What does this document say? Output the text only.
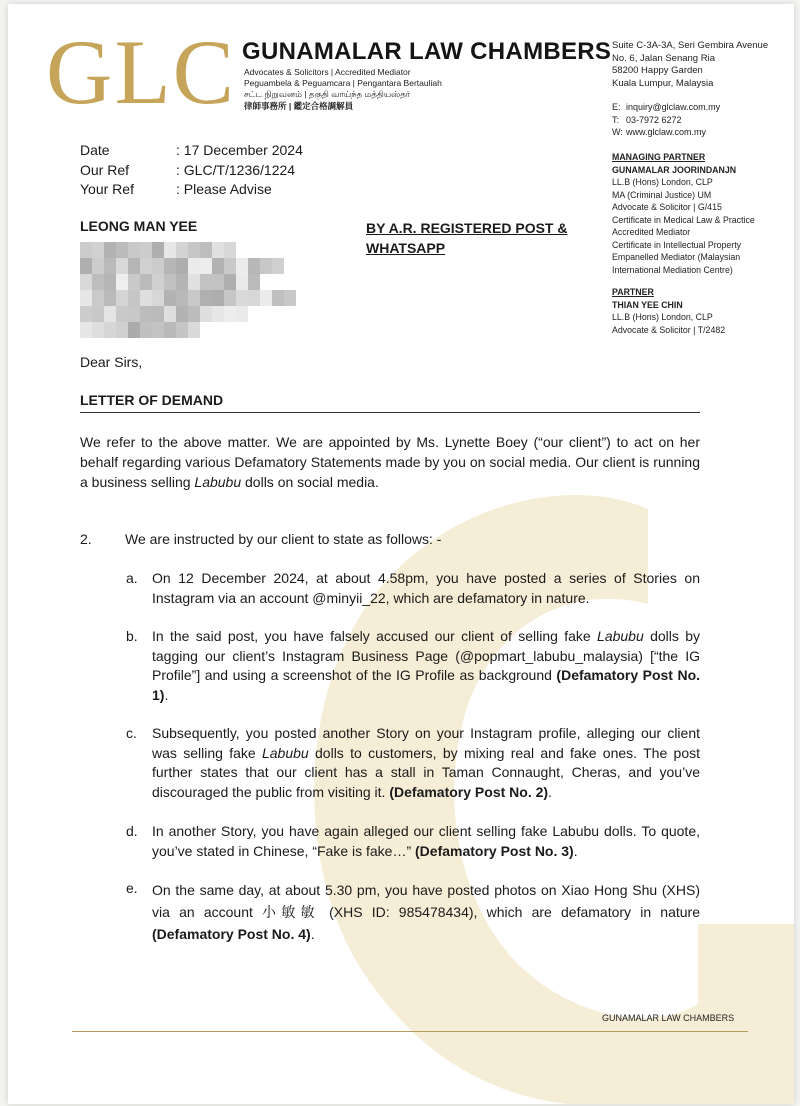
GLC GUNAMALAR LAW CHAMBERS
Advocates & Solicitors | Accredited Mediator
Peguambela & Peguamcara | Pengantara Bertauliah
சட்ட நிறுவனம் | தகுதி வாய்ந்த மத்தியஸ்தர்
律師事務所 | 鑑定合格調解員
Suite C-3A-3A, Seri Gembira Avenue
No. 6, Jalan Senang Ria
58200 Happy Garden
Kuala Lumpur, Malaysia
E: inquiry@glclaw.com.my
T: 03-7972 6272
W: www.glclaw.com.my
MANAGING PARTNER
GUNAMALAR JOORINDANJN
LL.B (Hons) London, CLP
MA (Criminal Justice) UM
Advocate & Solicitor | G/415
Certificate in Medical Law & Practice
Accredited Mediator
Certificate in Intellectual Property
Empanelled Mediator (Malaysian
International Mediation Centre)
PARTNER
THIAN YEE CHIN
LL.B (Hons) London, CLP
Advocate & Solicitor | T/2482
Date	: 17 December 2024
Our Ref	: GLC/T/1236/1224
Your Ref	: Please Advise
LEONG MAN YEE	BY A.R. REGISTERED POST &
WHATSAPP
Dear Sirs,
LETTER OF DEMAND
We refer to the above matter. We are appointed by Ms. Lynette Boey (“our client”) to act on her behalf regarding various Defamatory Statements made by you on social media. Our client is running a business selling Labubu dolls on social media.
2. We are instructed by our client to state as follows: -
a. On 12 December 2024, at about 4.58pm, you have posted a series of Stories on Instagram via an account @minyii_22, which are defamatory in nature.
b. In the said post, you have falsely accused our client of selling fake Labubu dolls by tagging our client’s Instagram Business Page (@popmart_labubu_malaysia) [“the IG Profile”] and using a screenshot of the IG Profile as background (Defamatory Post No. 1).
c. Subsequently, you posted another Story on your Instagram profile, alleging our client was selling fake Labubu dolls to customers, by mixing real and fake ones. The post further states that our client has a stall in Taman Connaught, Cheras, and you’ve discouraged the public from visiting it. (Defamatory Post No. 2).
d. In another Story, you have again alleged our client selling fake Labubu dolls. To quote, you’ve stated in Chinese, “Fake is fake…” (Defamatory Post No. 3).
e. On the same day, at about 5.30 pm, you have posted photos on Xiao Hong Shu (XHS) via an account 小敏敏 (XHS ID: 985478434), which are defamatory in nature (Defamatory Post No. 4).
GUNAMALAR LAW CHAMBERS
